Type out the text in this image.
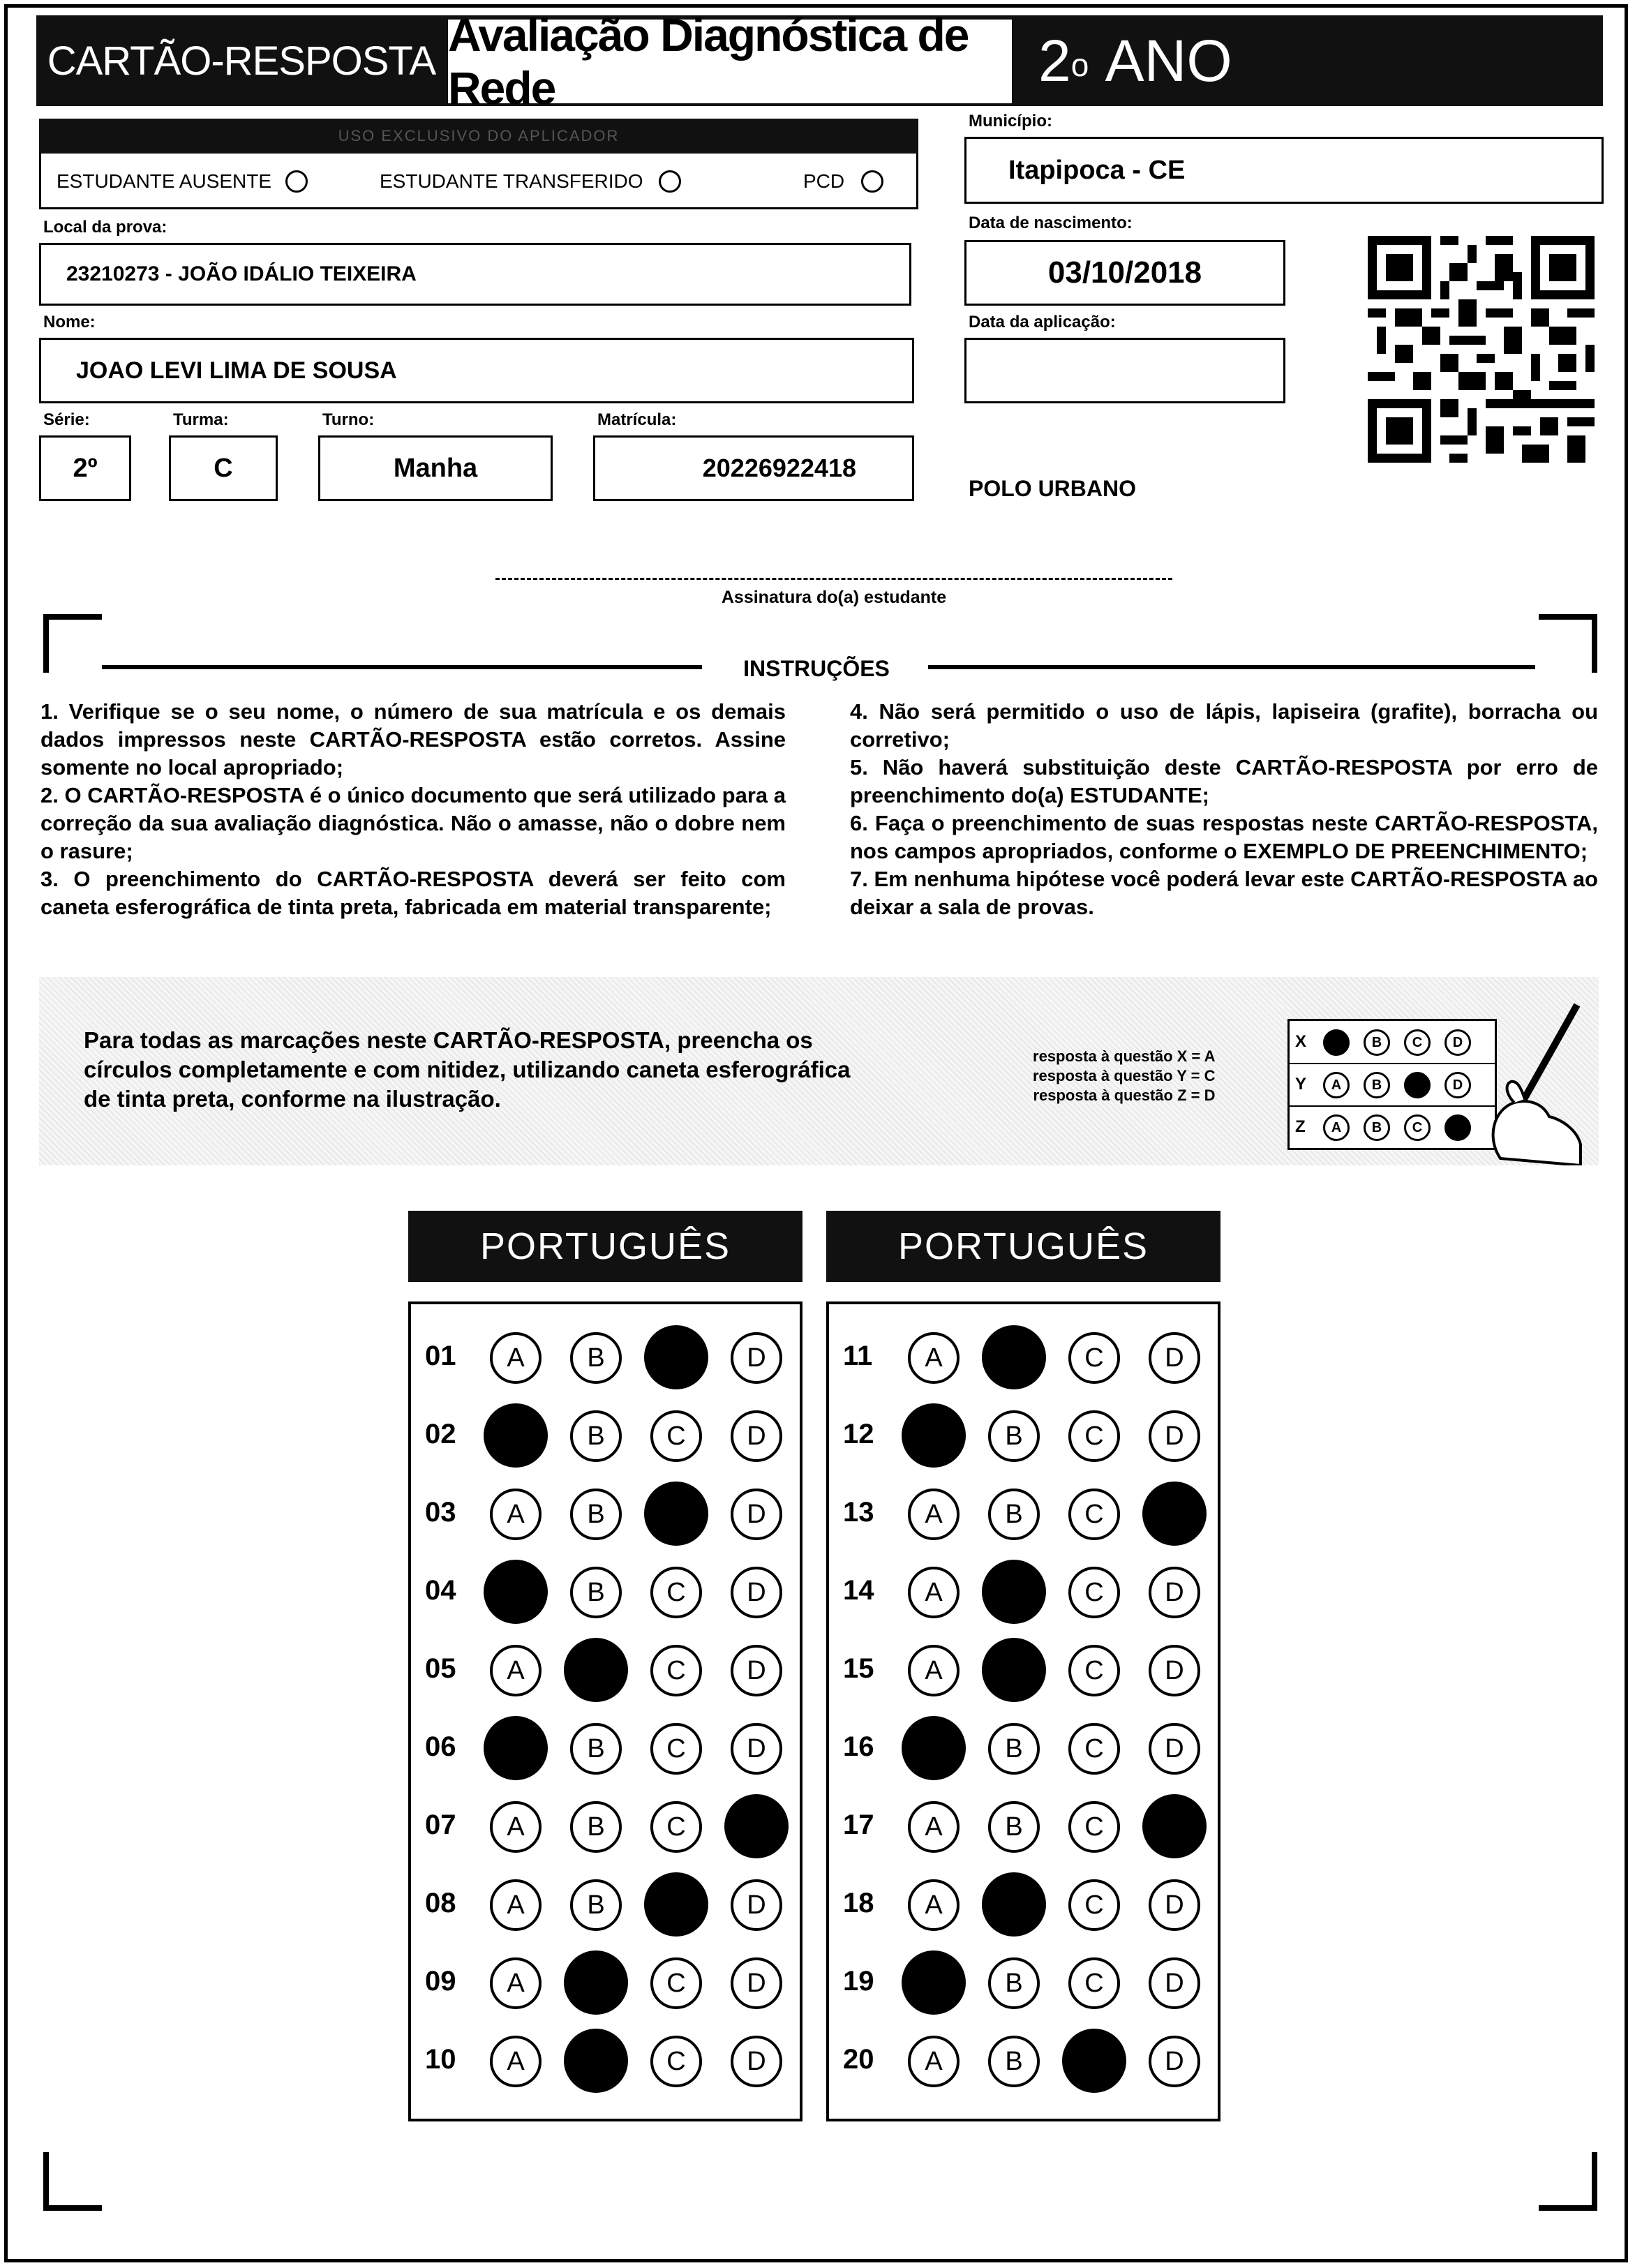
CARTÃO-RESPOSTA Avaliação Diagnóstica de Rede	2$^o$
ANO
USO EXCLUSIVO DO APLICADOR
ESTUDANTE AUSENTE	ESTUDANTE TRANSFERIDO	PCD
Local da prova:
23210273 - JOÃO IDÁLIO TEIXEIRA
Nome:
JOAO LEVI LIMA DE SOUSA
Série:
2º
Turma:
C
Turno:
Manha
Matrícula:
20226922418
Município:
Itapipoca - CE
Data de nascimento:
03/10/2018
Data da aplicação:
POLO URBANO
Assinatura do(a) estudante
INSTRUÇÕES

1. Verifique se o seu nome, o número de sua matrícula e os demais dados impressos neste CARTÃO-RESPOSTA estão corretos. Assine somente no local apropriado;

2. O CARTÃO-RESPOSTA é o único documento que será utilizado para a correção da sua avaliação diagnóstica. Não o amasse, não o dobre nem o rasure;

3. O preenchimento do CARTÃO-RESPOSTA deverá ser feito com caneta esferográfica de tinta preta, fabricada em material transparente;

4. Não será permitido o uso de lápis, lapiseira (grafite), borracha ou corretivo;

5. Não haverá substituição deste CARTÃO-RESPOSTA por erro de preenchimento do(a) ESTUDANTE;

6. Faça o preenchimento de suas respostas neste CARTÃO-RESPOSTA, nos campos apropriados, conforme o EXEMPLO DE PREENCHIMENTO;

7. Em nenhuma hipótese você poderá levar este CARTÃO-RESPOSTA ao deixar a sala de provas.

Para todas as marcações neste CARTÃO-RESPOSTA, preencha os círculos completamente e com nitidez, utilizando caneta esferográfica de tinta preta, conforme na ilustração.
resposta à questão X = A
resposta à questão Y = C
resposta à questão Z = D
X	A	B	C	D
Y	A	B	C	D
Z	A	B	C	D
PORTUGUÊS	PORTUGUÊS
01	A	B	C	D
02	A	B	C	D
03	A	B	C	D
04	A	B	C	D
05	A	B	C	D
06	A	B	C	D
07	A	B	C	D
08	A	B	C	D
09	A	B	C	D
10	A	B	C	D
11	A	B	C	D
12	A	B	C	D
13	A	B	C	D
14	A	B	C	D
15	A	B	C	D
16	A	B	C	D
17	A	B	C	D
18	A	B	C	D
19	A	B	C	D
20	A	B	C	D
